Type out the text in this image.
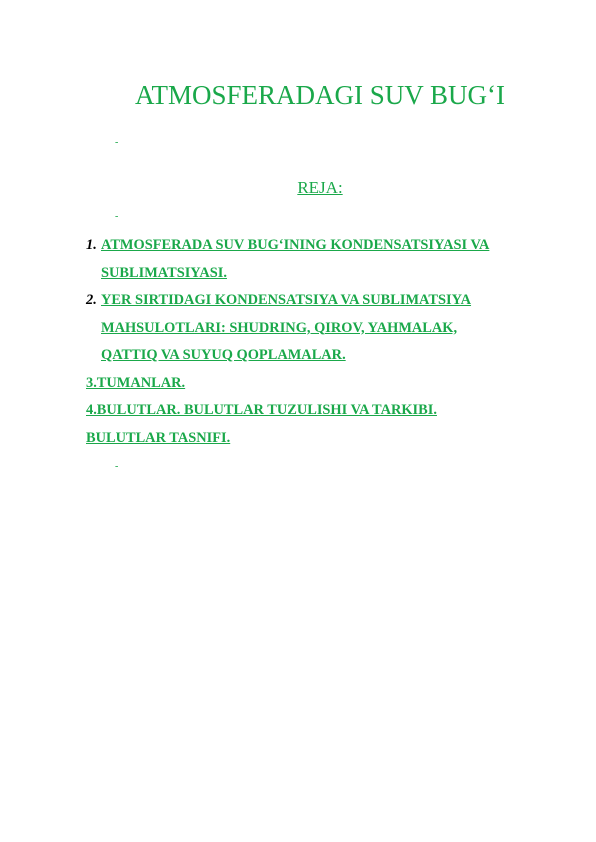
ATMOSFERADAGI SUV BUG‘I
-
REJA:
-
1. ATMOSFERADA SUV BUG‘INING KONDENSATSIYASI VA
SUBLIMATSIYASI.
2. YER SIRTIDAGI KONDENSATSIYA VA SUBLIMATSIYA
MAHSULOTLARI: SHUDRING, QIROV, YAHMALAK,
QATTIQ VA SUYUQ QOPLAMALAR.
3.TUMANLAR.
4.BULUTLAR. BULUTLAR TUZULISHI VA TARKIBI.
BULUTLAR TASNIFI.
-
